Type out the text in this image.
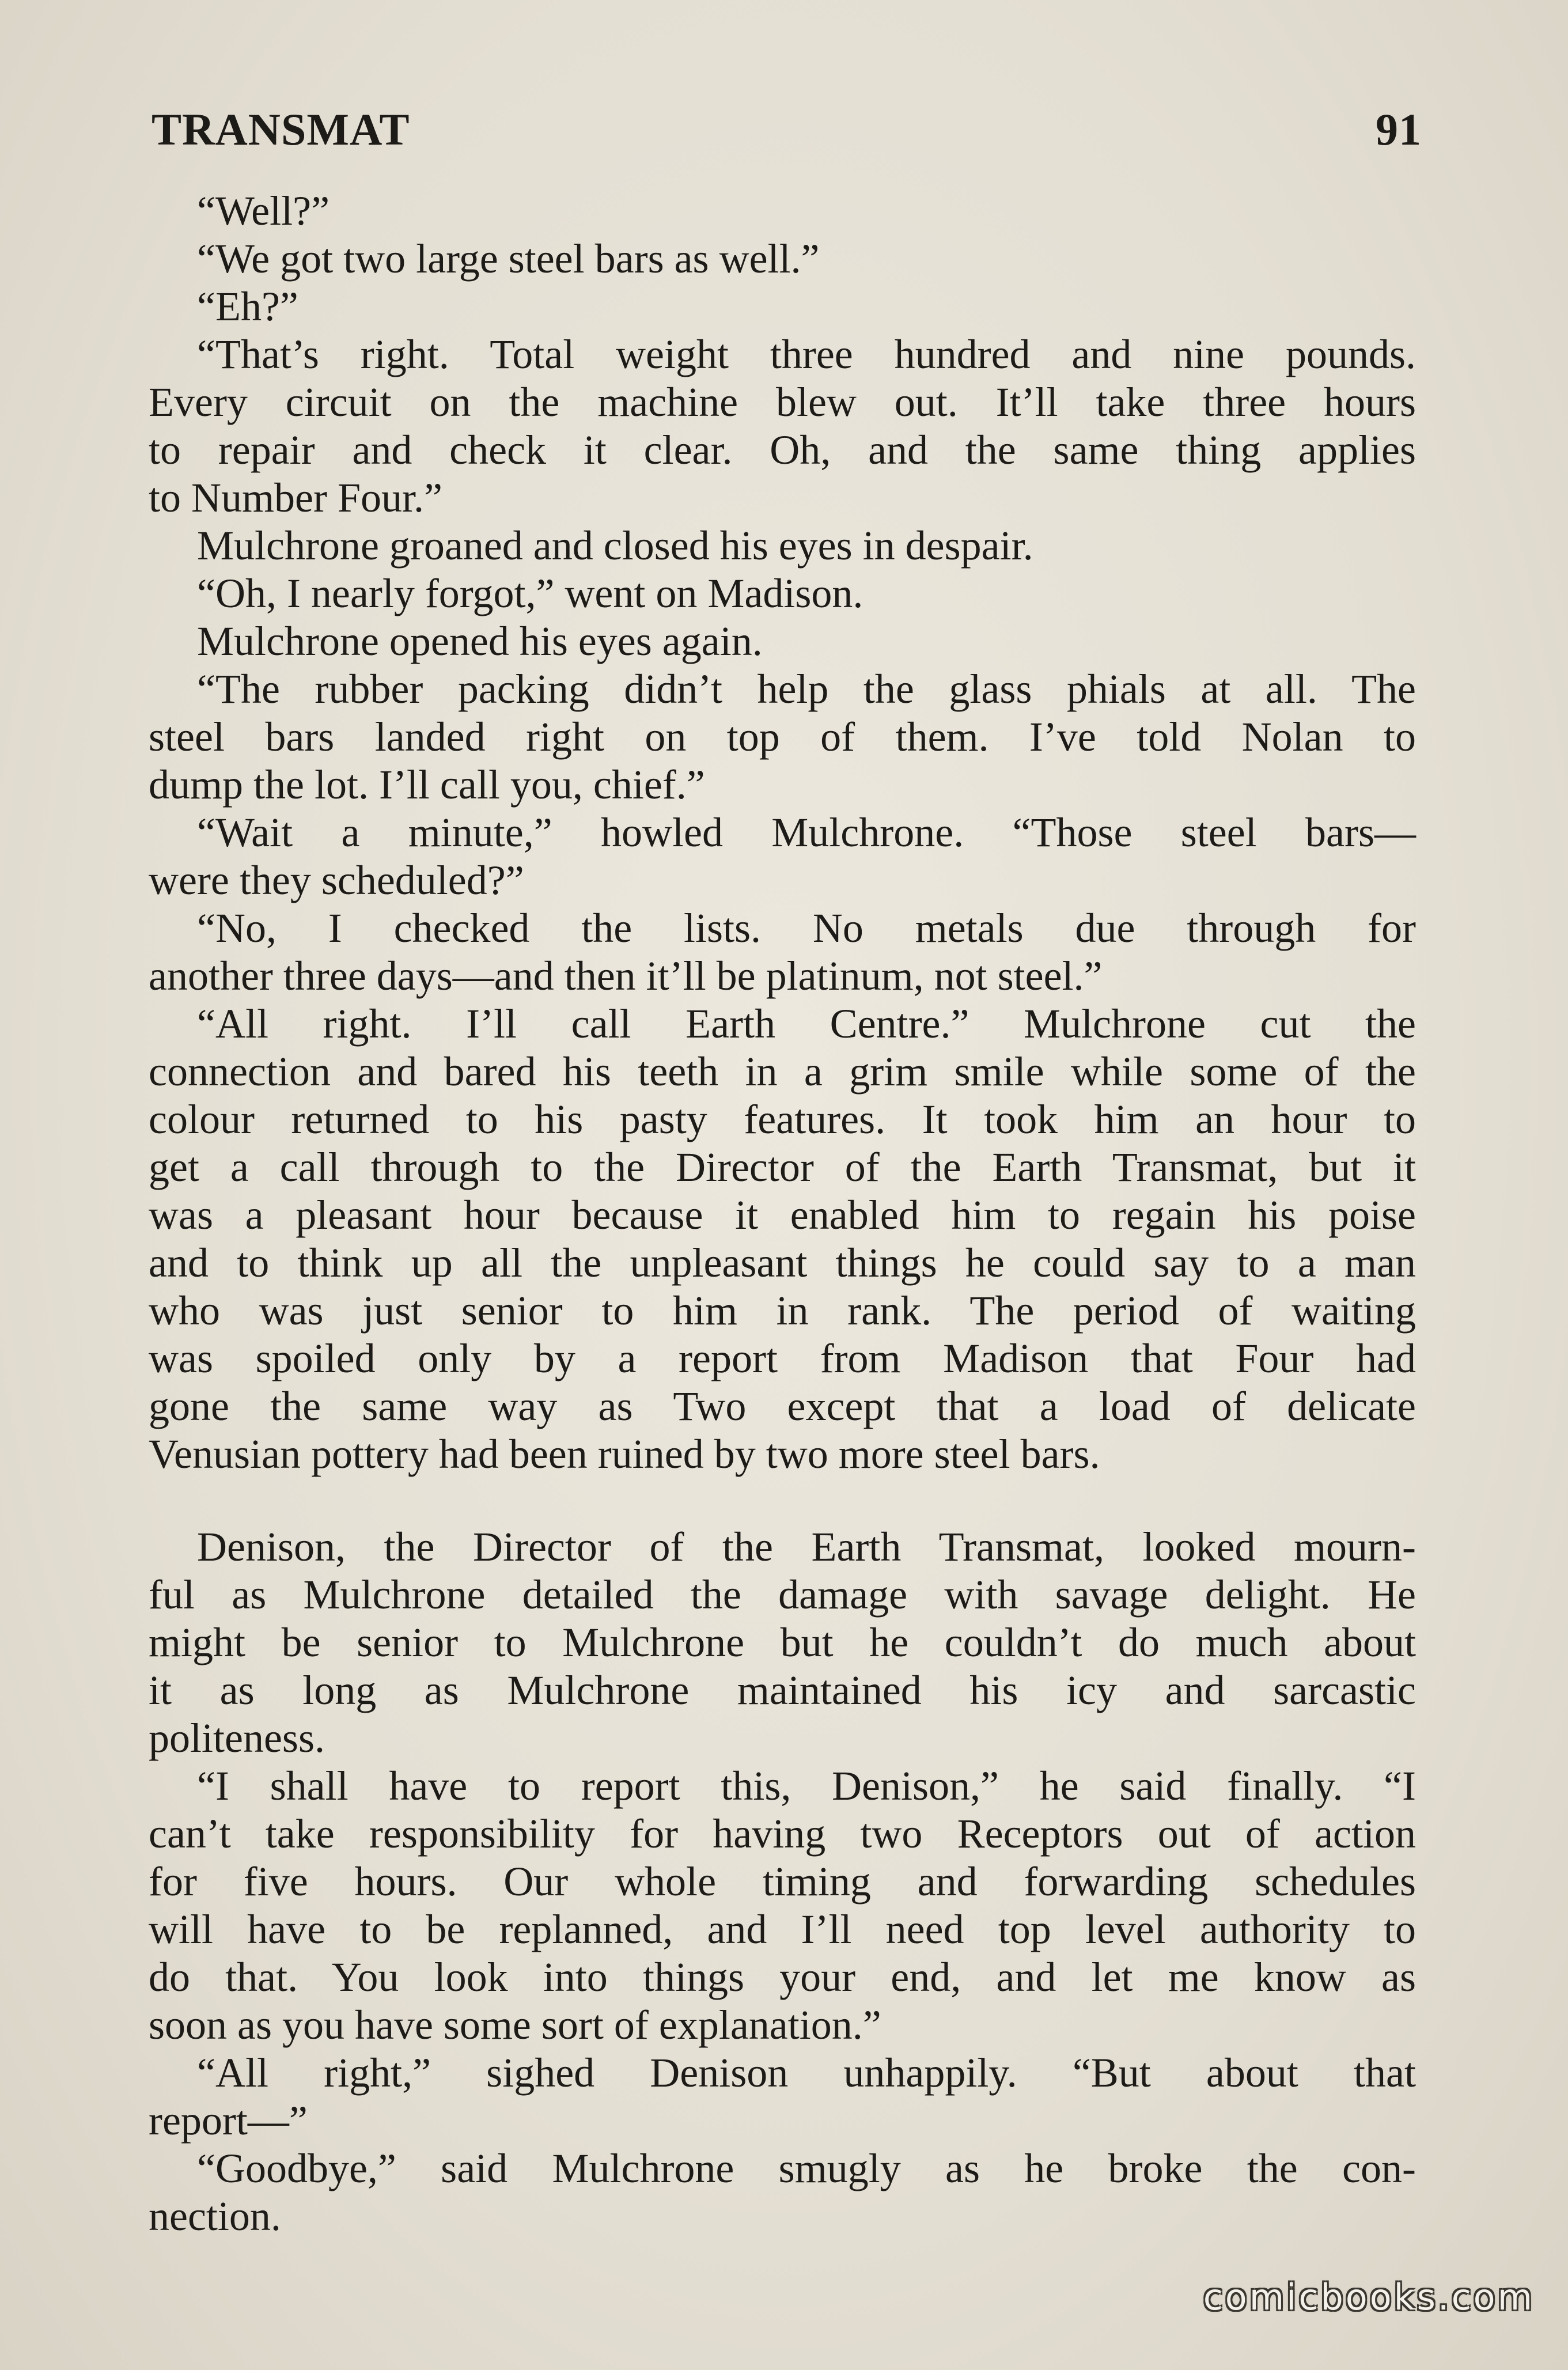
TRANSMAT	91
“Well?”
“We got two large steel bars as well.”
“Eh?”
“That’s right. Total weight three hundred and nine pounds.
Every circuit on the machine blew out. It’ll take three hours
to repair and check it clear. Oh, and the same thing applies
to Number Four.”
Mulchrone groaned and closed his eyes in despair.
“Oh, I nearly forgot,” went on Madison.
Mulchrone opened his eyes again.
“The rubber packing didn’t help the glass phials at all. The
steel bars landed right on top of them. I’ve told Nolan to
dump the lot. I’ll call you, chief.”
“Wait a minute,” howled Mulchrone. “Those steel bars—
were they scheduled?”
“No, I checked the lists. No metals due through for
another three days—and then it’ll be platinum, not steel.”
“All right. I’ll call Earth Centre.” Mulchrone cut the
connection and bared his teeth in a grim smile while some of the
colour returned to his pasty features. It took him an hour to
get a call through to the Director of the Earth Transmat, but it
was a pleasant hour because it enabled him to regain his poise
and to think up all the unpleasant things he could say to a man
who was just senior to him in rank. The period of waiting
was spoiled only by a report from Madison that Four had
gone the same way as Two except that a load of delicate
Venusian pottery had been ruined by two more steel bars.
Denison, the Director of the Earth Transmat, looked mourn-
ful as Mulchrone detailed the damage with savage delight. He
might be senior to Mulchrone but he couldn’t do much about
it as long as Mulchrone maintained his icy and sarcastic
politeness.
“I shall have to report this, Denison,” he said finally. “I
can’t take responsibility for having two Receptors out of action
for five hours. Our whole timing and forwarding schedules
will have to be replanned, and I’ll need top level authority to
do that. You look into things your end, and let me know as
soon as you have some sort of explanation.”
“All right,” sighed Denison unhappily. “But about that
report—”
“Goodbye,” said Mulchrone smugly as he broke the con-
nection.
comicbooks.com
